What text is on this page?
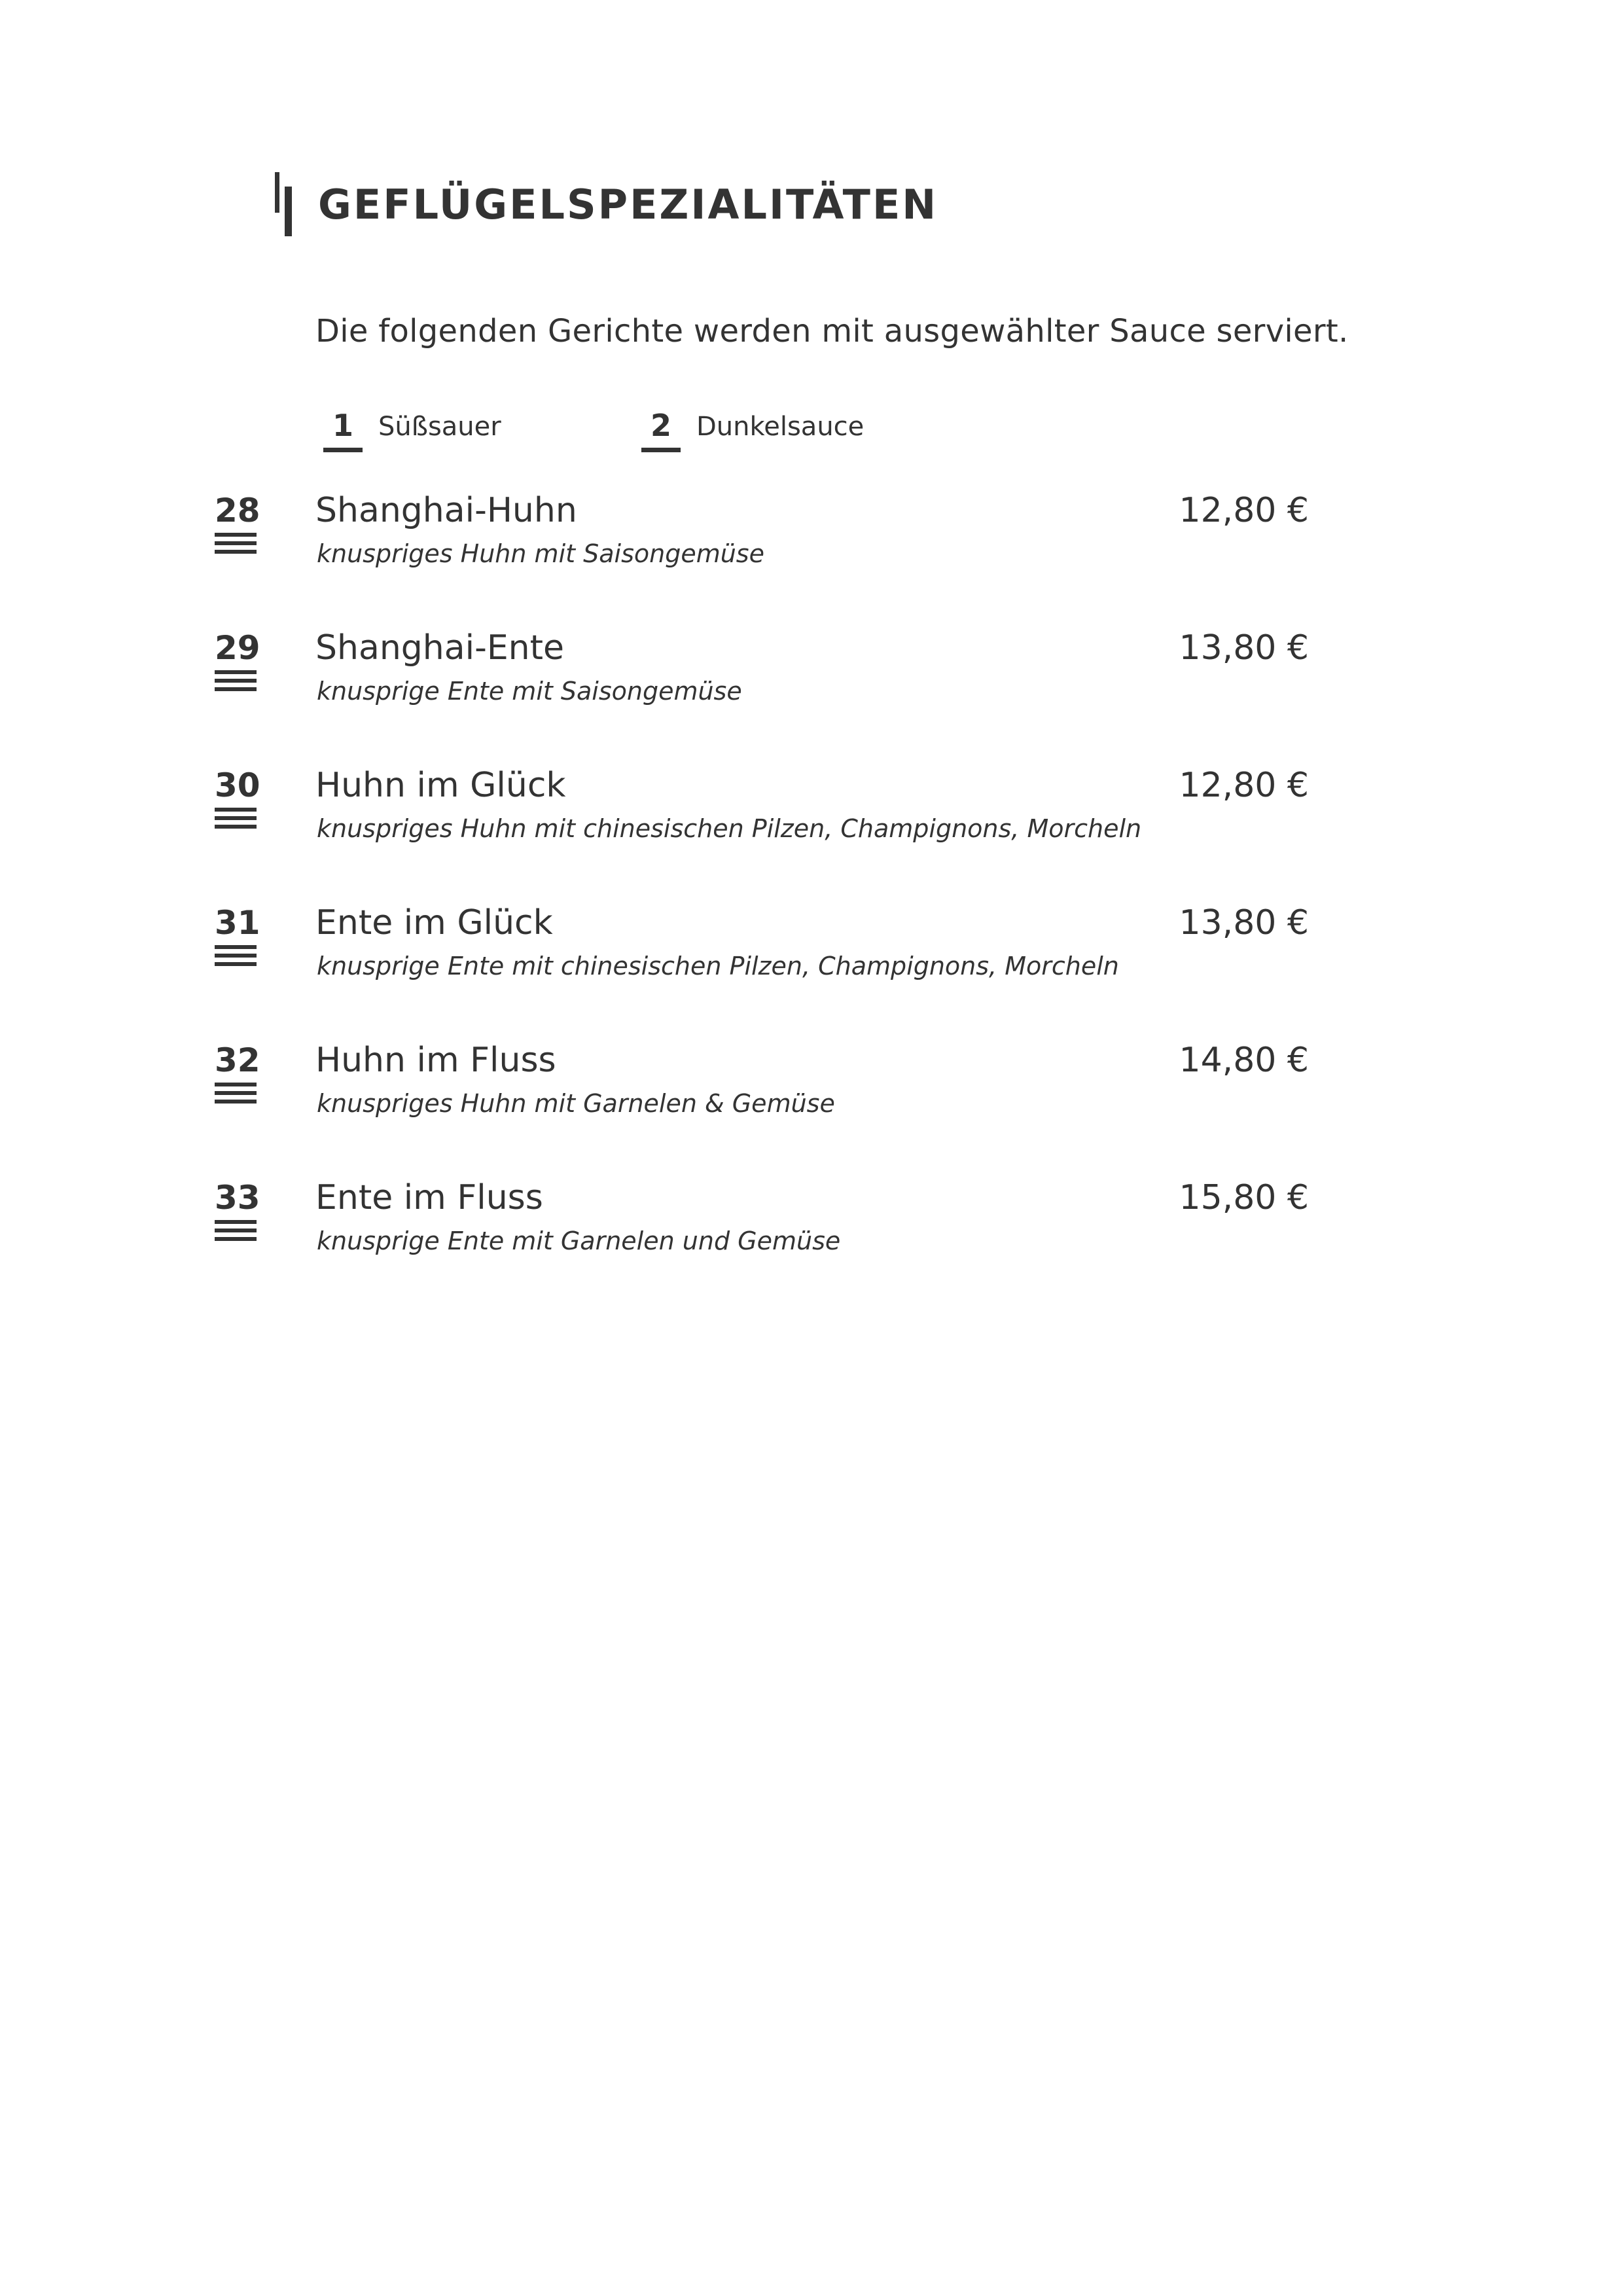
GEFLÜGELSPEZIALITÄTEN
Die folgenden Gerichte werden mit ausgewählter Sauce serviert.
1 Süßsauer	2 Dunkelsauce
28 Shanghai-Huhn
knuspriges Huhn mit Saisongemüse
12,80 €
29 Shanghai-Ente
knusprige Ente mit Saisongemüse
13,80 €
30 Huhn im Glück
knuspriges Huhn mit chinesischen Pilzen, Champignons, Morcheln
12,80 €
31 Ente im Glück
knusprige Ente mit chinesischen Pilzen, Champignons, Morcheln
13,80 €
32 Huhn im Fluss
knuspriges Huhn mit Garnelen & Gemüse
14,80 €
33 Ente im Fluss
knusprige Ente mit Garnelen und Gemüse
15,80 €
